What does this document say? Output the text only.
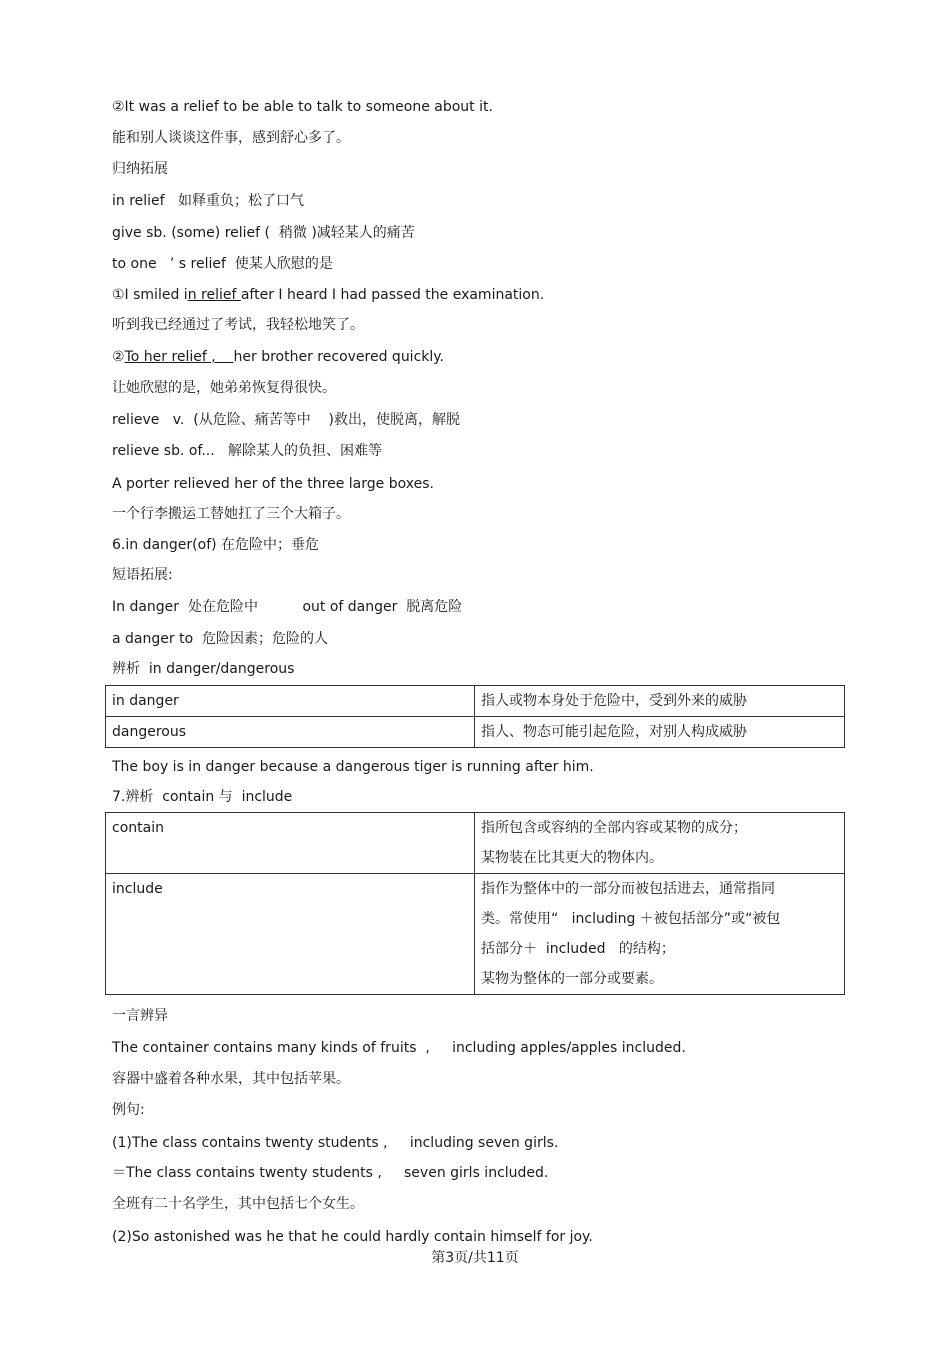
②It was a relief to be able to talk to someone about it.
能和别人谈谈这件事，感到舒心多了。
归纳拓展
in relief   如释重负；松了口气
give sb. (some) relief (  稍微 )减轻某人的痛苦
to one   ’ s relief  使某人欣慰的是
①I smiled in relief after I heard I had passed the examination.
听到我已经通过了考试，我轻松地笑了。
②To her relief ,    her brother recovered quickly.
让她欣慰的是，她弟弟恢复得很快。
relieve   v.  (从危险、痛苦等中    )救出，使脱离，解脱
relieve sb. of...   解除某人的负担、困难等
A porter relieved her of the three large boxes.
一个行李搬运工替她扛了三个大箱子。
6.in danger(of) 在危险中；垂危
短语拓展:
In danger  处在危险中          out of danger  脱离危险
a danger to  危险因素；危险的人
辨析  in danger/dangerous
in danger	指人或物本身处于危险中，受到外来的威胁

dangerous	指人、物态可能引起危险，对别人构成威胁
The boy is in danger because a dangerous tiger is running after him.
7.辨析  contain 与  include
contain	指所包含或容纳的全部内容或某物的成分；
某物装在比其更大的物体内。

include	指作为整体中的一部分而被包括进去，通常指同
类。常使用“   including ＋被包括部分”或“被包
括部分＋  included   的结构；
某物为整体的一部分或要素。
一言辨异
The container contains many kinds of fruits  ,     including apples/apples included.
容器中盛着各种水果，其中包括苹果。
例句:
(1)The class contains twenty students ,     including seven girls.
＝The class contains twenty students ,     seven girls included.
全班有二十名学生，其中包括七个女生。
(2)So astonished was he that he could hardly contain himself for joy.
第3页/共11页
